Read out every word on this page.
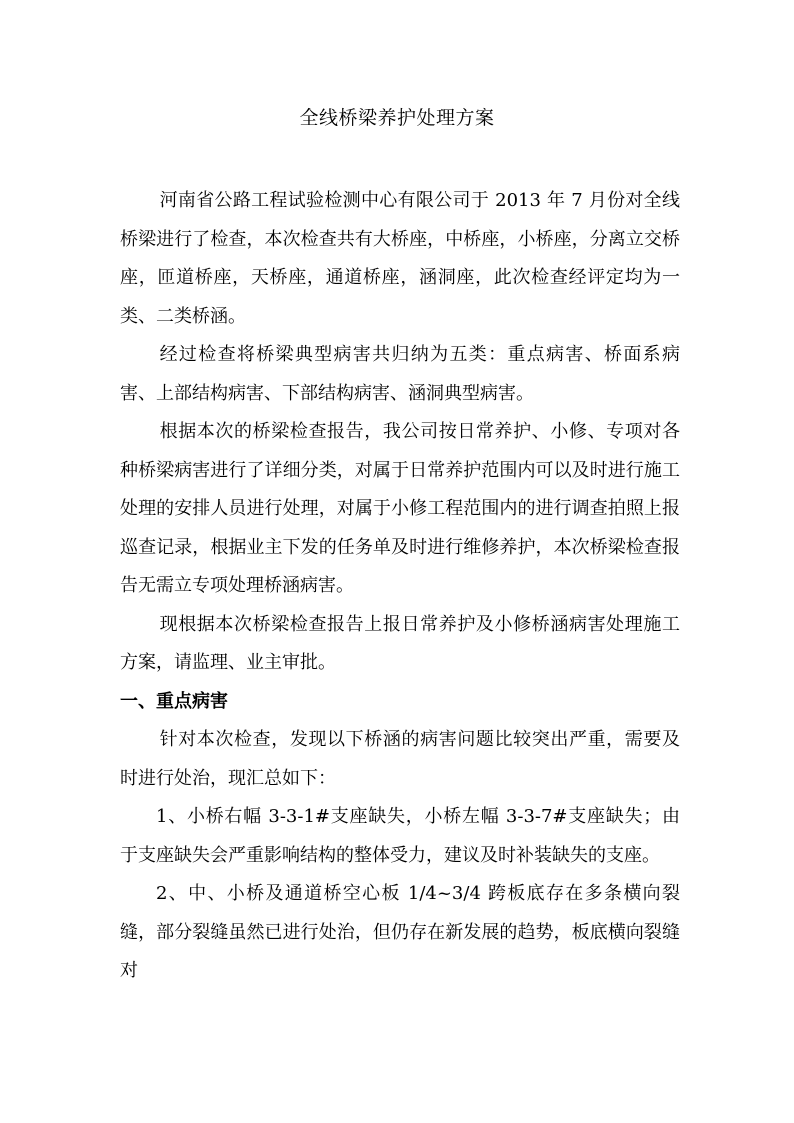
全线桥梁养护处理方案

河南省公路工程试验检测中心有限公司于 2013 年 7 月份对全线桥梁进行了检查，本次检查共有大桥座，中桥座，小桥座，分离立交桥座，匝道桥座，天桥座，通道桥座，涵洞座，此次检查经评定均为一类、二类桥涵。

经过检查将桥梁典型病害共归纳为五类：重点病害、桥面系病害、上部结构病害、下部结构病害、涵洞典型病害。

根据本次的桥梁检查报告，我公司按日常养护、小修、专项对各种桥梁病害进行了详细分类，对属于日常养护范围内可以及时进行施工处理的安排人员进行处理，对属于小修工程范围内的进行调查拍照上报巡查记录，根据业主下发的任务单及时进行维修养护，本次桥梁检查报告无需立专项处理桥涵病害。

现根据本次桥梁检查报告上报日常养护及小修桥涵病害处理施工方案，请监理、业主审批。

一、重点病害

针对本次检查，发现以下桥涵的病害问题比较突出严重，需要及时进行处治，现汇总如下：

1、小桥右幅 3-3-1#支座缺失，小桥左幅 3-3-7#支座缺失；由于支座缺失会严重影响结构的整体受力，建议及时补装缺失的支座。

2、中、小桥及通道桥空心板 1/4~3/4 跨板底存在多条横向裂缝，部分裂缝虽然已进行处治，但仍存在新发展的趋势，板底横向裂缝对
